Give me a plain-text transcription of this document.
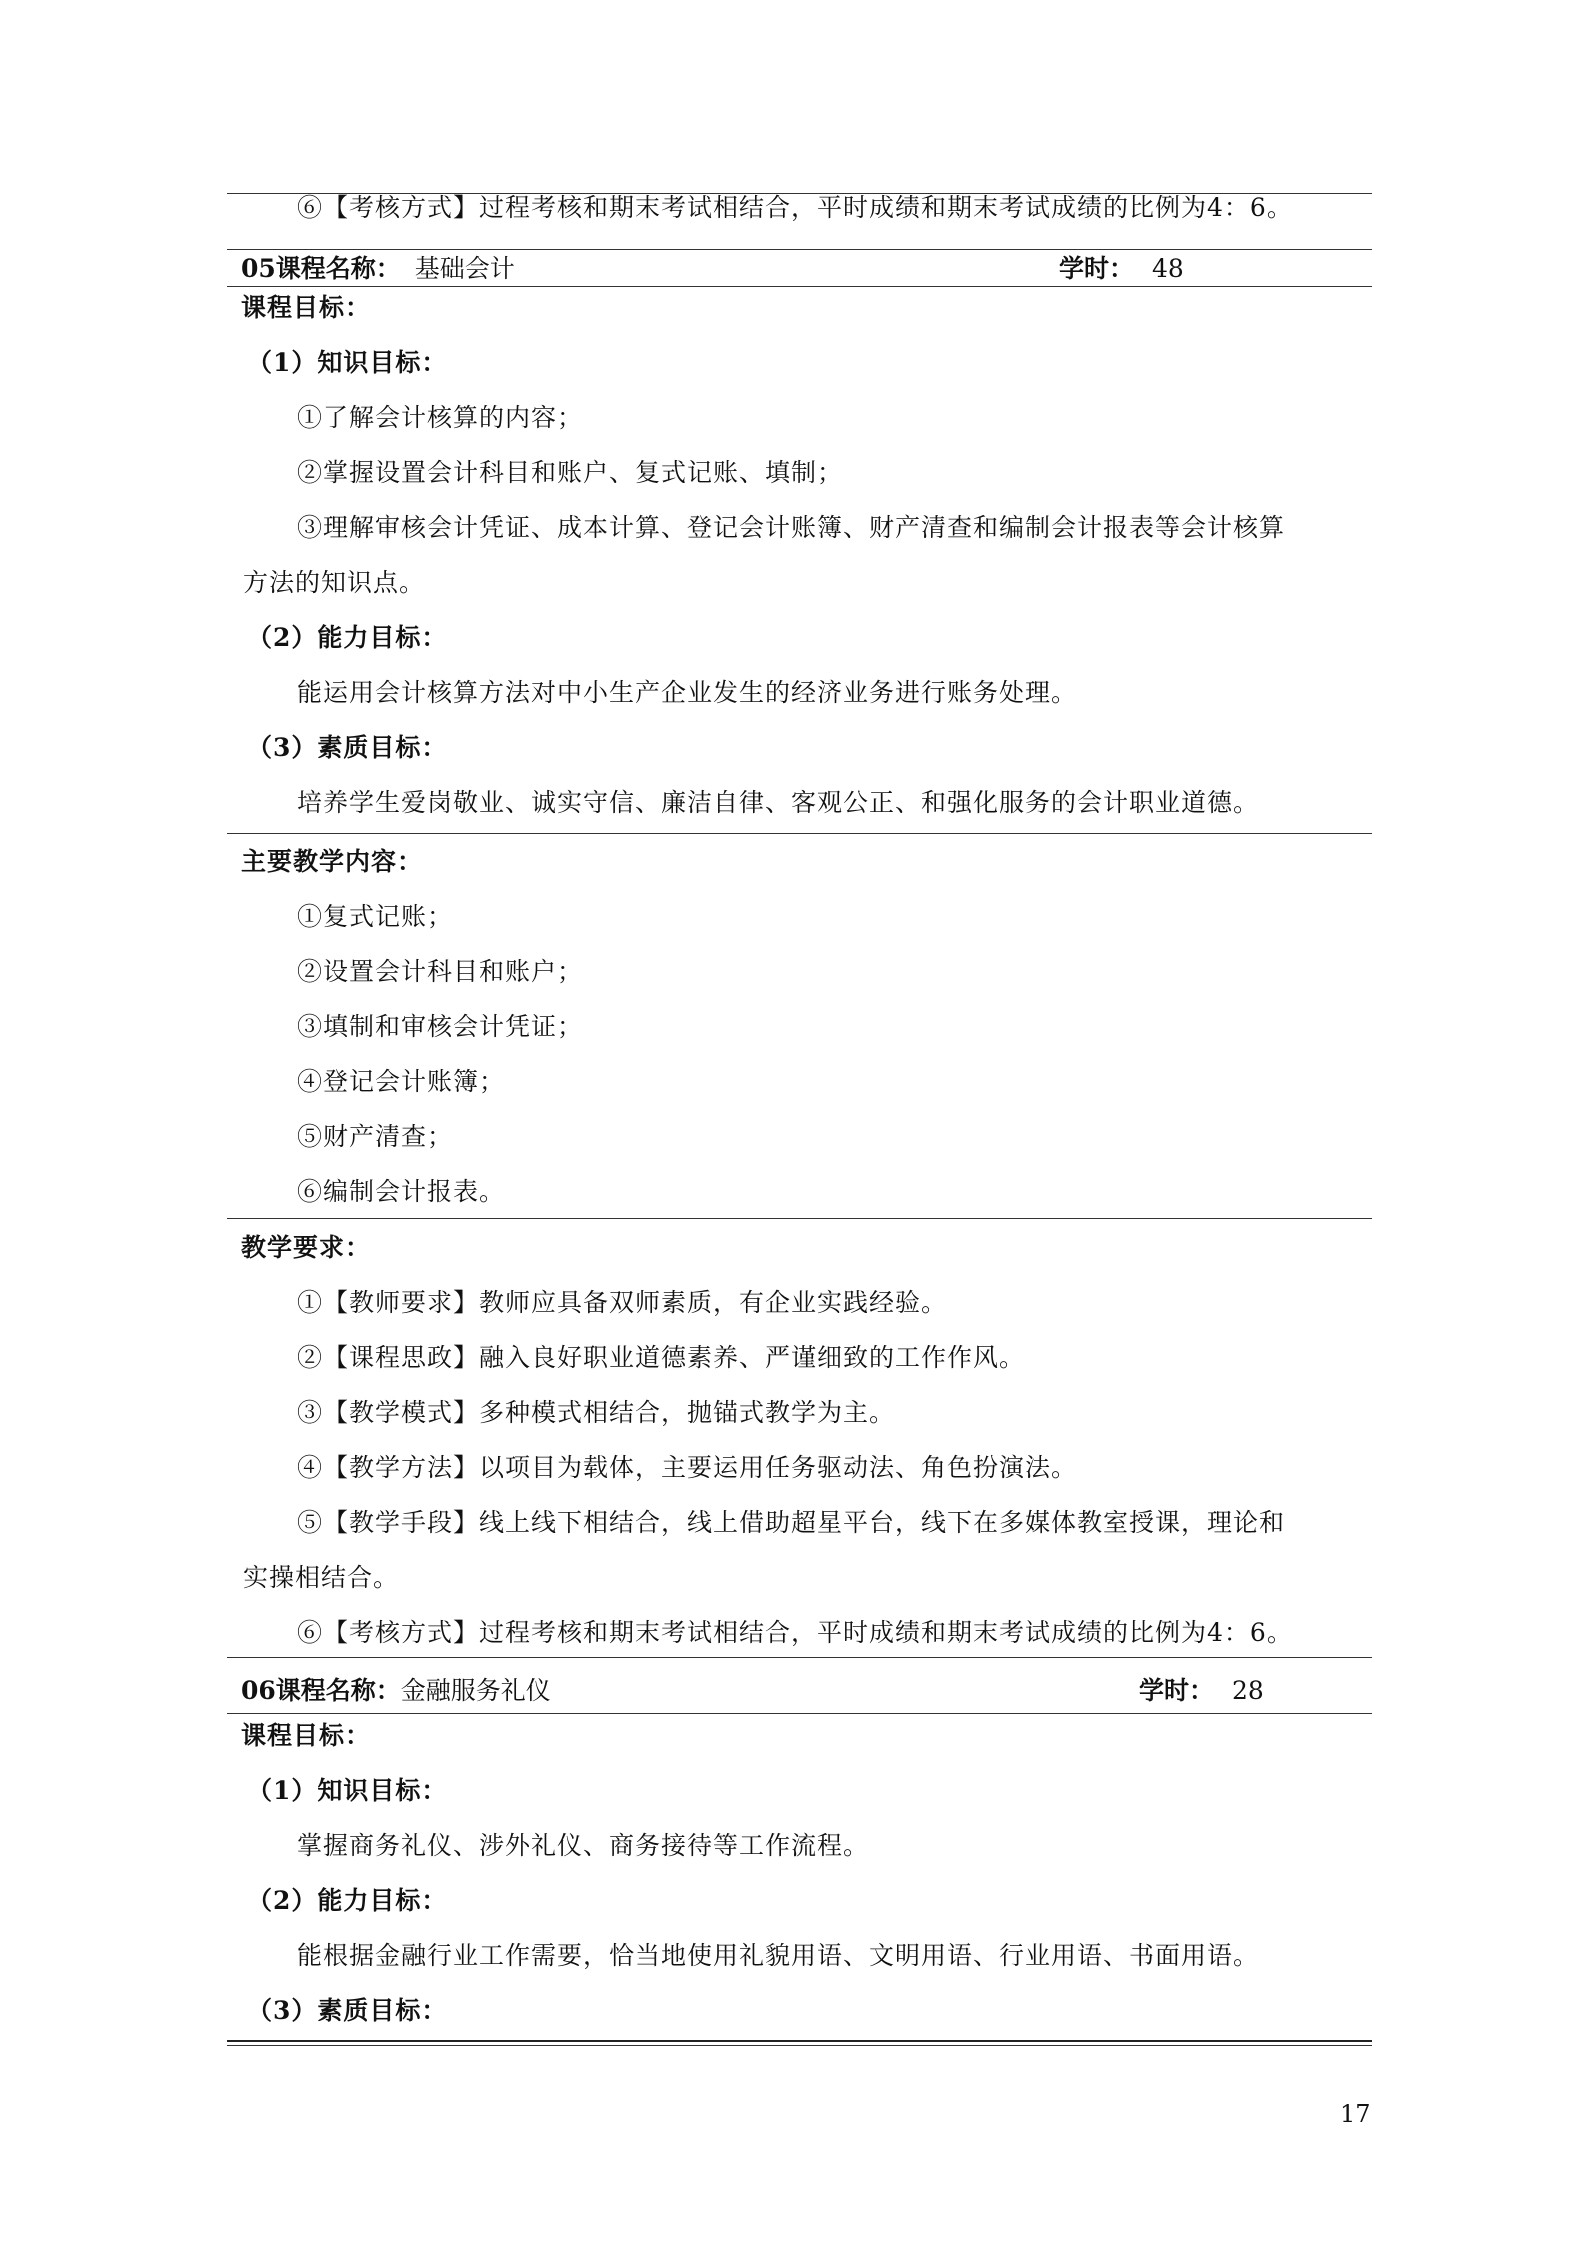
⑥【考核方式】过程考核和期末考试相结合，平时成绩和期末考试成绩的比例为4：6。
05课程名称： 基础会计	学时： 48
课程目标：
（1）知识目标：
①了解会计核算的内容；
②掌握设置会计科目和账户、复式记账、填制；
③理解审核会计凭证、成本计算、登记会计账簿、财产清查和编制会计报表等会计核算
方法的知识点。
（2）能力目标：
能运用会计核算方法对中小生产企业发生的经济业务进行账务处理。
（3）素质目标：
培养学生爱岗敬业、诚实守信、廉洁自律、客观公正、和强化服务的会计职业道德。
主要教学内容：
①复式记账；
②设置会计科目和账户；
③填制和审核会计凭证；
④登记会计账簿；
⑤财产清查；
⑥编制会计报表。
教学要求：
①【教师要求】教师应具备双师素质，有企业实践经验。
②【课程思政】融入良好职业道德素养、严谨细致的工作作风。
③【教学模式】多种模式相结合，抛锚式教学为主。
④【教学方法】以项目为载体，主要运用任务驱动法、角色扮演法。
⑤【教学手段】线上线下相结合，线上借助超星平台，线下在多媒体教室授课，理论和
实操相结合。
⑥【考核方式】过程考核和期末考试相结合，平时成绩和期末考试成绩的比例为4：6。
06课程名称：金融服务礼仪	学时： 28
课程目标：
（1）知识目标：
掌握商务礼仪、涉外礼仪、商务接待等工作流程。
（2）能力目标：
能根据金融行业工作需要，恰当地使用礼貌用语、文明用语、行业用语、书面用语。
（3）素质目标：
17
